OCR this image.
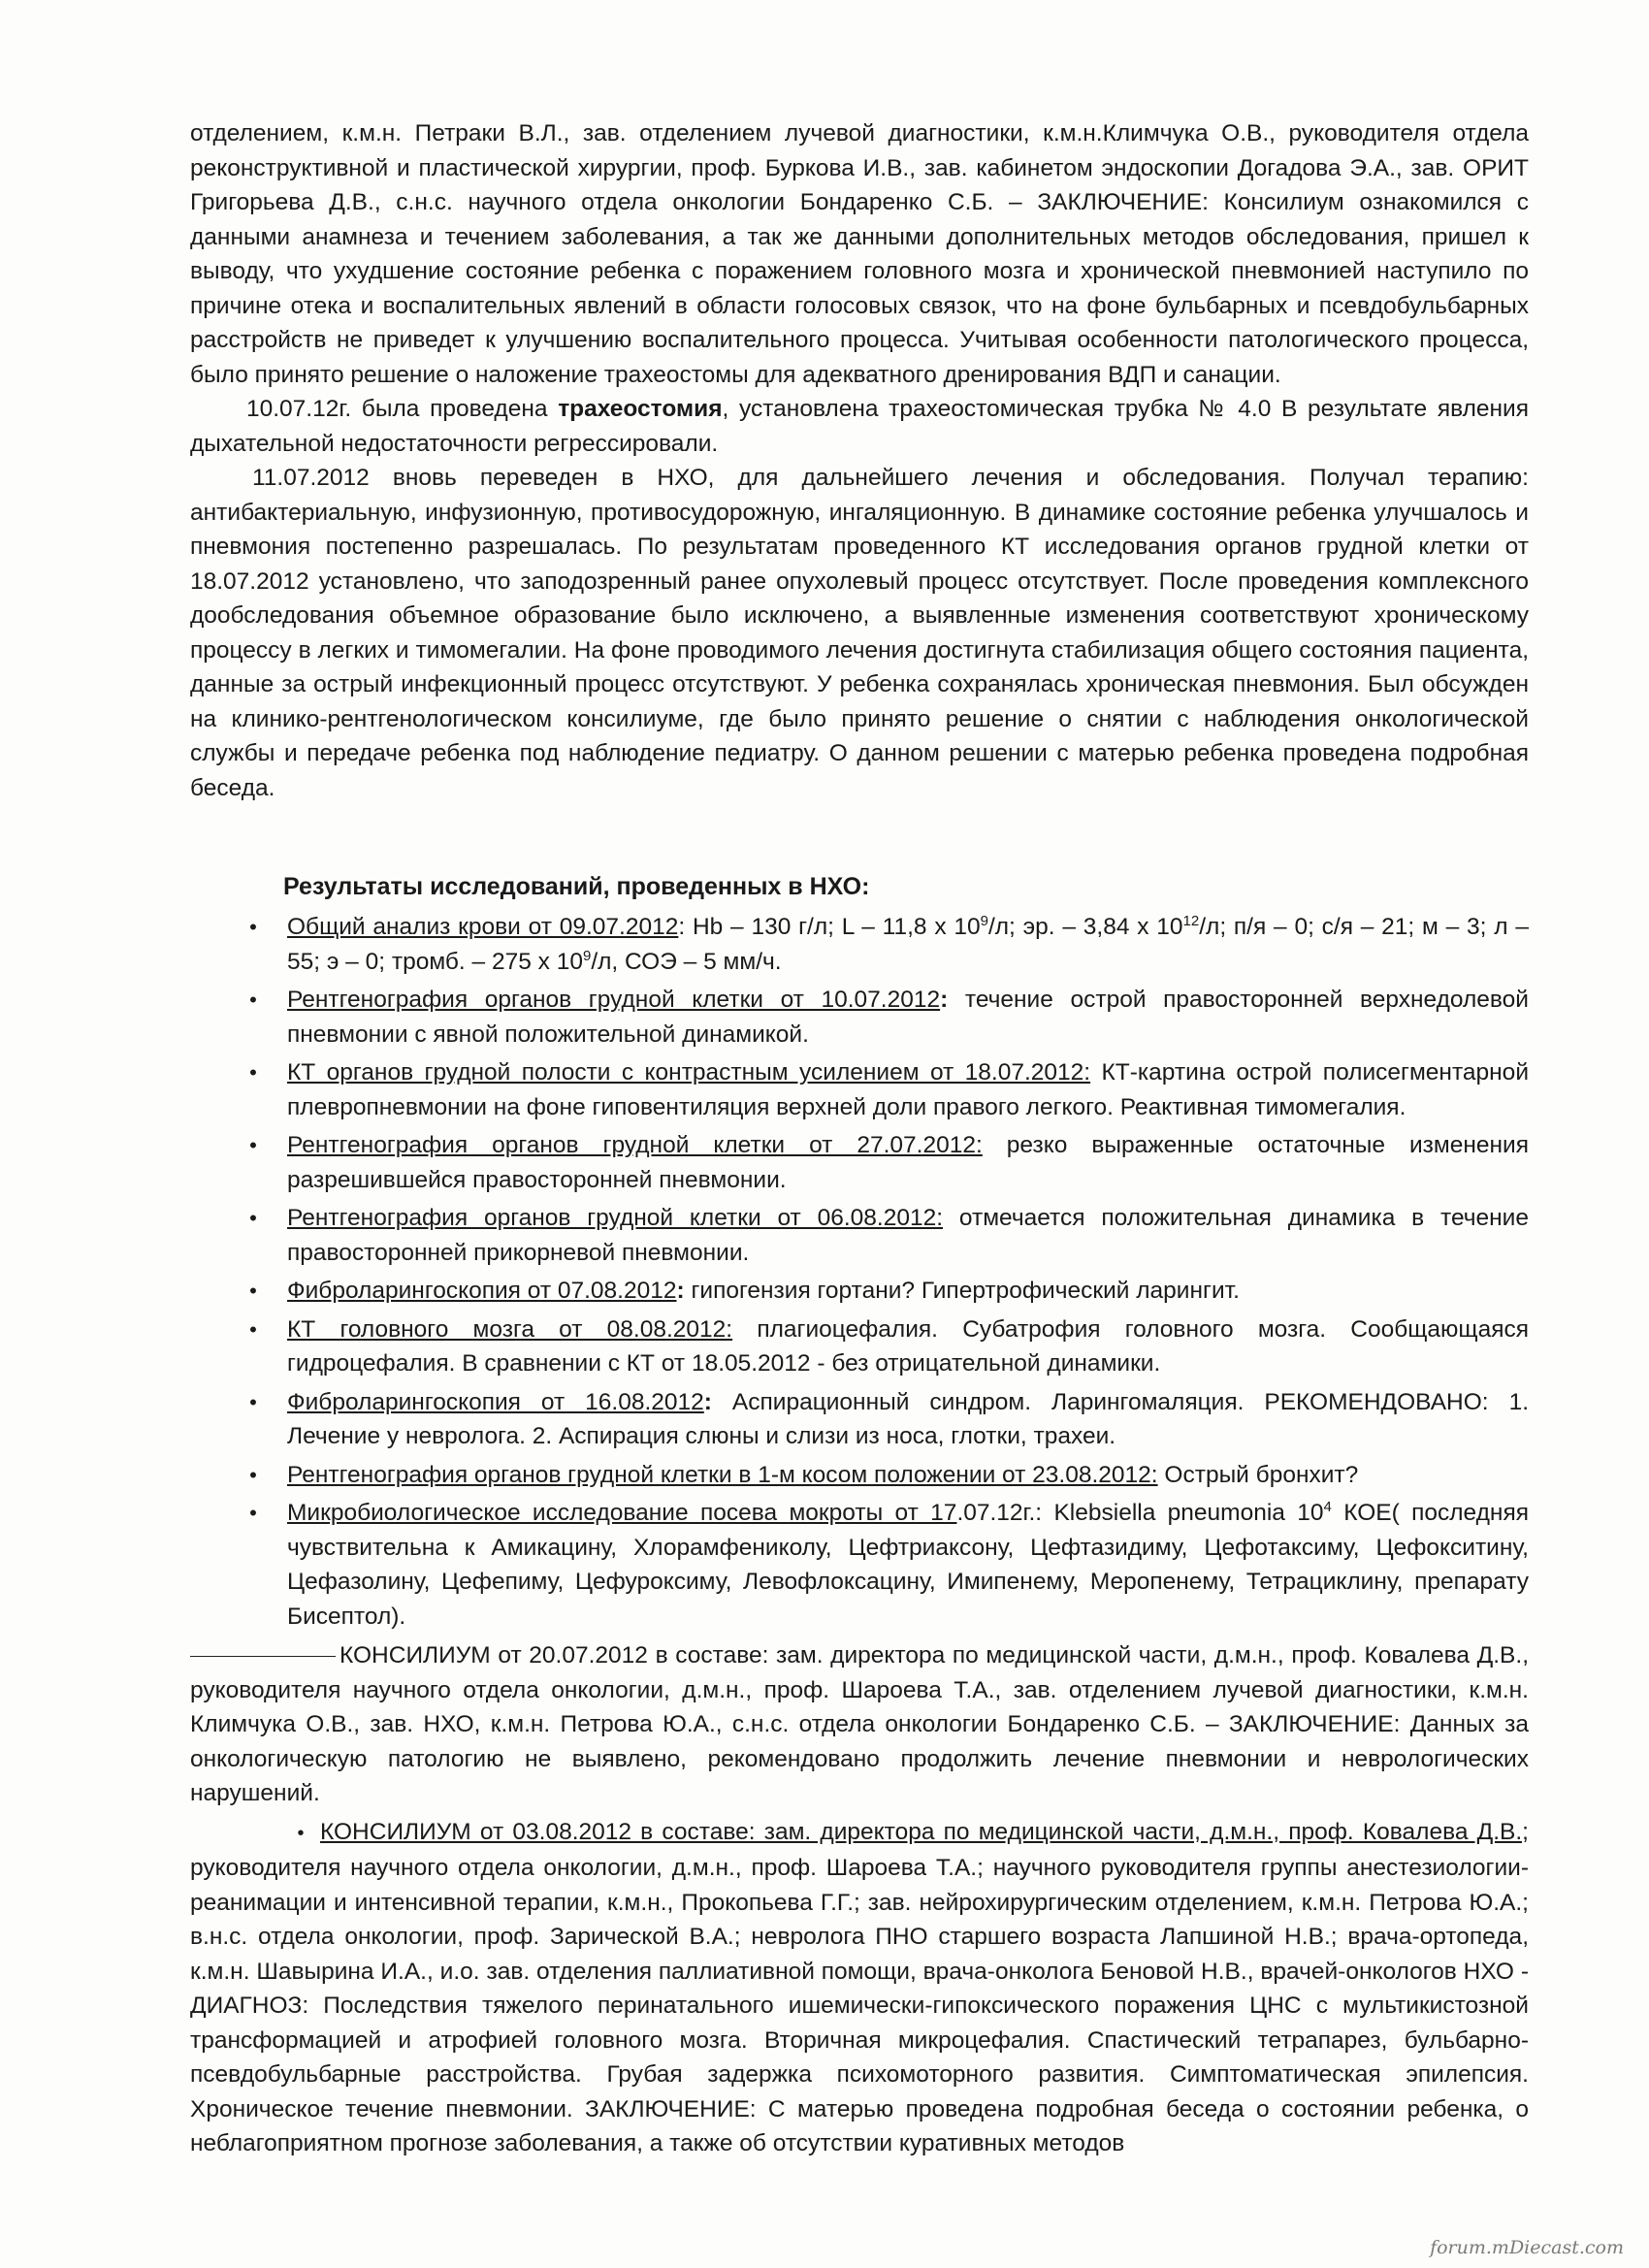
отделением, к.м.н. Петраки В.Л., зав. отделением лучевой диагностики, к.м.н.Климчука О.В., руководителя отдела реконструктивной и пластической хирургии, проф. Буркова И.В., зав. кабинетом эндоскопии Догадова Э.А., зав. ОРИТ Григорьева Д.В., с.н.с. научного отдела онкологии Бондаренко С.Б. – ЗАКЛЮЧЕНИЕ: Консилиум ознакомился с данными анамнеза и течением заболевания, а так же данными дополнительных методов обследования, пришел к выводу, что ухудшение состояние ребенка с поражением головного мозга и хронической пневмонией наступило по причине отека и воспалительных явлений в области голосовых связок, что на фоне бульбарных и псевдобульбарных расстройств не приведет к улучшению воспалительного процесса. Учитывая особенности патологического процесса, было принято решение о наложение трахеостомы для адекватного дренирования ВДП и санации.

10.07.12г. была проведена трахеостомия, установлена трахеостомическая трубка № 4.0 В результате явления дыхательной недостаточности регрессировали.

11.07.2012 вновь переведен в НХО, для дальнейшего лечения и обследования. Получал терапию: антибактериальную, инфузионную, противосудорожную, ингаляционную. В динамике состояние ребенка улучшалось и пневмония постепенно разрешалась. По результатам проведенного КТ исследования органов грудной клетки от 18.07.2012 установлено, что заподозренный ранее опухолевый процесс отсутствует. После проведения комплексного дообследования объемное образование было исключено, а выявленные изменения соответствуют хроническому процессу в легких и тимомегалии. На фоне проводимого лечения достигнута стабилизация общего состояния пациента, данные за острый инфекционный процесс отсутствуют. У ребенка сохранялась хроническая пневмония. Был обсужден на клинико-рентгенологическом консилиуме, где было принято решение о снятии с наблюдения онкологической службы и передаче ребенка под наблюдение педиатру. О данном решении с матерью ребенка проведена подробная беседа.

Результаты исследований, проведенных в НХО:
•	Общий анализ крови от 09.07.2012: Hb – 130 г/л; L – 11,8 х $10^9/л$; эр. – 3,84 х $10^{12}/л$; п/я – 0; с/я – 21; м – 3; л – 55; э – 0; тромб. – 275 х $10^9/л$, СОЭ – 5 мм/ч.
•	Рентгенография органов грудной клетки от 10.07.2012: течение острой правосторонней верхнедолевой пневмонии с явной положительной динамикой.
•	КТ органов грудной полости с контрастным усилением от 18.07.2012: КТ-картина острой полисегментарной плевропневмонии на фоне гиповентиляция верхней доли правого легкого. Реактивная тимомегалия.
•	Рентгенография органов грудной клетки от 27.07.2012: резко выраженные остаточные изменения разрешившейся правосторонней пневмонии.
•	Рентгенография органов грудной клетки от 06.08.2012: отмечается положительная динамика в течение правосторонней прикорневой пневмонии.
•	Фиброларингоскопия от 07.08.2012: гипогензия гортани? Гипертрофический ларингит.
•	КТ головного мозга от 08.08.2012: плагиоцефалия. Субатрофия головного мозга. Сообщающаяся гидроцефалия. В сравнении с КТ от 18.05.2012 - без отрицательной динамики.
•	Фиброларингоскопия от 16.08.2012: Аспирационный синдром. Ларингомаляция. РЕКОМЕНДОВАНО: 1. Лечение у невролога. 2. Аспирация слюны и слизи из носа, глотки, трахеи.
•	Рентгенография органов грудной клетки в 1-м косом положении от 23.08.2012: Острый бронхит?
•	Микробиологическое исследование посева мокроты от 17.07.12г.: Klebsiella pneumonia $10^4$ КОЕ( последняя чувствительна к Амикацину, Хлорамфениколу, Цефтриаксону, Цефтазидиму, Цефотаксиму, Цефокситину, Цефазолину, Цефепиму, Цефуроксиму, Левофлоксацину, Имипенему, Меропенему, Тетрациклину, препарату Бисептол).

КОНСИЛИУМ от 20.07.2012 в составе: зам. директора по медицинской части, д.м.н., проф. Ковалева Д.В., руководителя научного отдела онкологии, д.м.н., проф. Шароева Т.А., зав. отделением лучевой диагностики, к.м.н. Климчука О.В., зав. НХО, к.м.н. Петрова Ю.А., с.н.с. отдела онкологии Бондаренко С.Б. – ЗАКЛЮЧЕНИЕ: Данных за онкологическую патологию не выявлено, рекомендовано продолжить лечение пневмонии и неврологических нарушений.

• КОНСИЛИУМ от 03.08.2012 в составе: зам. директора по медицинской части, д.м.н., проф. Ковалева Д.В.; руководителя научного отдела онкологии, д.м.н., проф. Шароева Т.А.; научного руководителя группы анестезиологии-реанимации и интенсивной терапии, к.м.н., Прокопьева Г.Г.; зав. нейрохирургическим отделением, к.м.н. Петрова Ю.А.; в.н.с. отдела онкологии, проф. Зарической В.А.; невролога ПНО старшего возраста Лапшиной Н.В.; врача-ортопеда, к.м.н. Шавырина И.А., и.о. зав. отделения паллиативной помощи, врача-онколога Беновой Н.В., врачей-онкологов НХО - ДИАГНОЗ: Последствия тяжелого перинатального ишемически-гипоксического поражения ЦНС с мультикистозной трансформацией и атрофией головного мозга. Вторичная микроцефалия. Спастический тетрапарез, бульбарно-псевдобульбарные расстройства. Грубая задержка психомоторного развития. Симптоматическая эпилепсия. Хроническое течение пневмонии. ЗАКЛЮЧЕНИЕ: С матерью проведена подробная беседа о состоянии ребенка, о неблагоприятном прогнозе заболевания, а также об отсутствии куративных методов

forum.mDiecast.com
